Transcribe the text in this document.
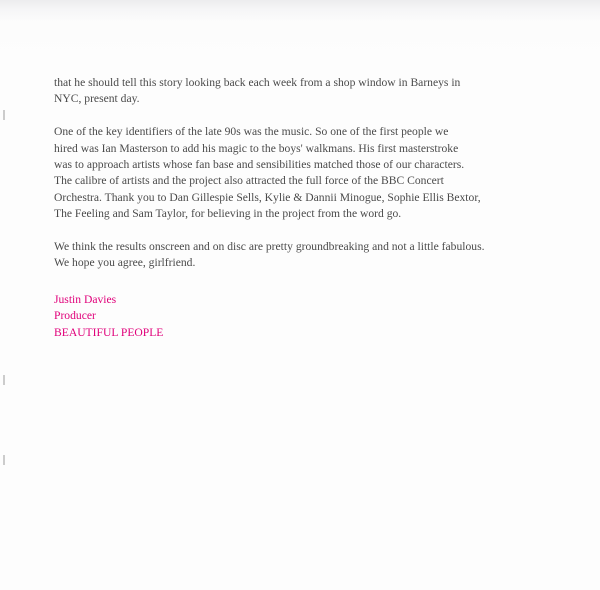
that he should tell this story looking back each week from a shop window in Barneys in
NYC, present day.

One of the key identifiers of the late 90s was the music. So one of the first people we
hired was Ian Masterson to add his magic to the boys' walkmans. His first masterstroke
was to approach artists whose fan base and sensibilities matched those of our characters.
The calibre of artists and the project also attracted the full force of the BBC Concert
Orchestra. Thank you to Dan Gillespie Sells, Kylie & Dannii Minogue, Sophie Ellis Bextor,
The Feeling and Sam Taylor, for believing in the project from the word go.

We think the results onscreen and on disc are pretty groundbreaking and not a little fabulous.
We hope you agree, girlfriend.

Justin Davies
Producer
BEAUTIFUL PEOPLE
